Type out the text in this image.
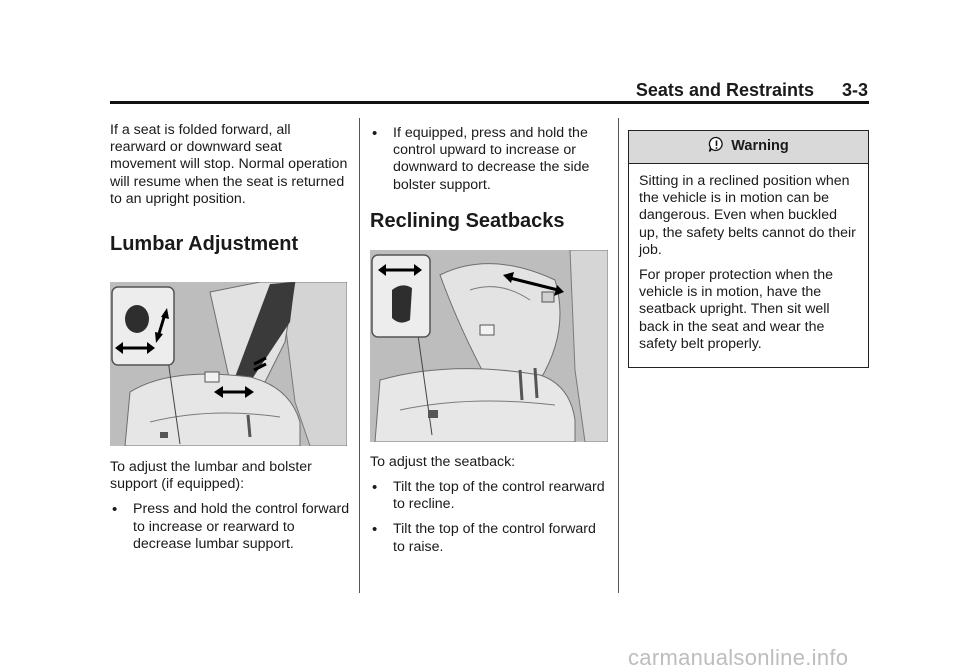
Seats and Restraints 3-3

If a seat is folded forward, all rearward or downward seat movement will stop. Normal operation will resume when the seat is returned to an upright position.

Lumbar Adjustment

To adjust the lumbar and bolster support (if equipped):

• Press and hold the control forward to increase or rearward to decrease lumbar support.
• If equipped, press and hold the control upward to increase or downward to decrease the side bolster support.
Reclining Seatbacks

To adjust the seatback:

• Tilt the top of the control rearward to recline.
• Tilt the top of the control forward to raise.
Warning

Sitting in a reclined position when the vehicle is in motion can be dangerous. Even when buckled up, the safety belts cannot do their job.

For proper protection when the vehicle is in motion, have the seatback upright. Then sit well back in the seat and wear the safety belt properly.

carmanualsonline.info
